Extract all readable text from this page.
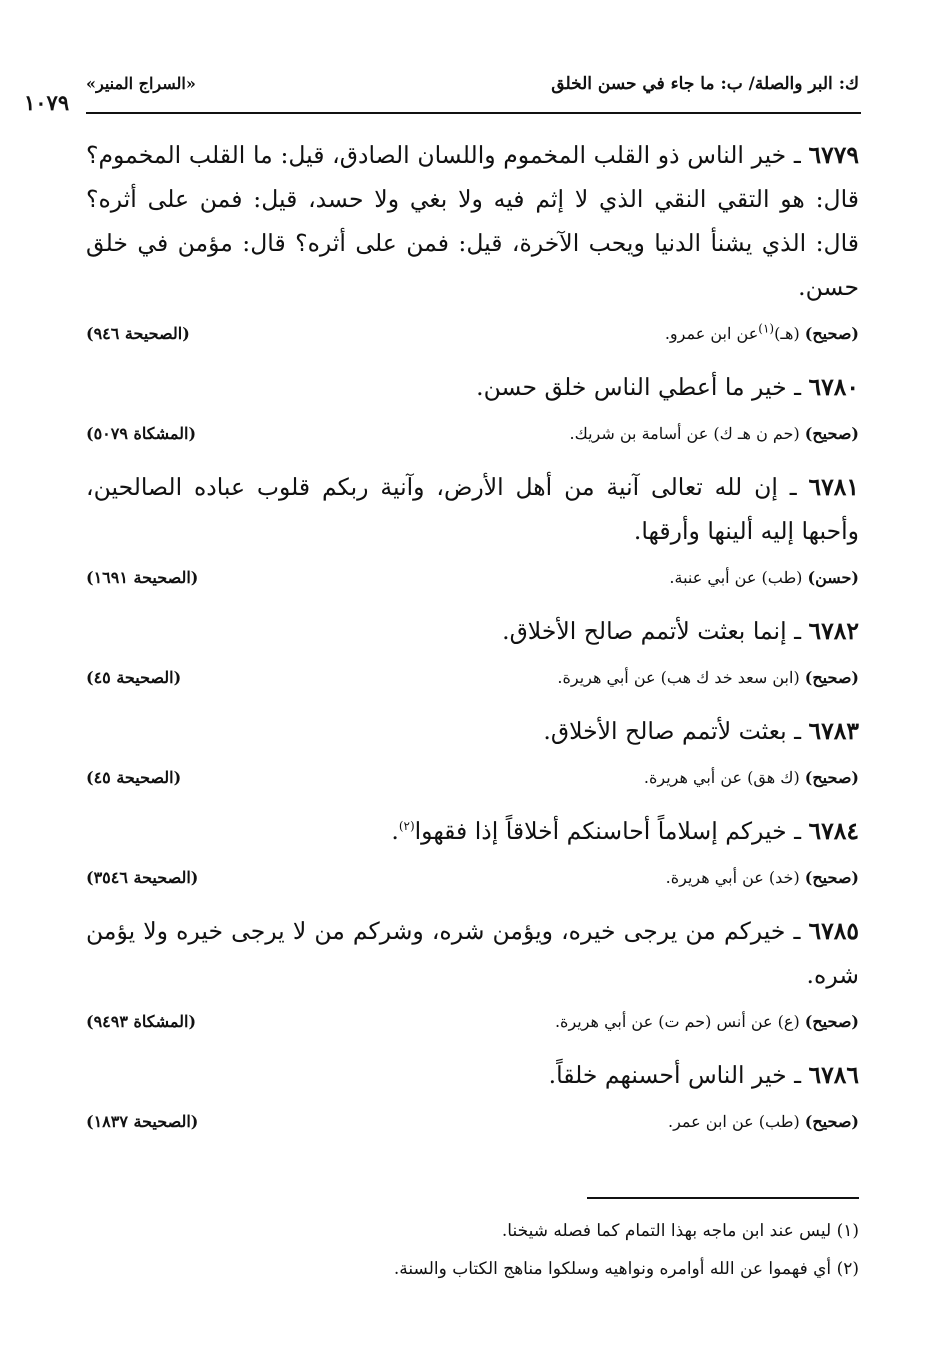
ك: البر والصلة/ ب: ما جاء في حسن الخلق
«السراج المنير»
١٠٧٩
٦٧٧٩ ـ خير الناس ذو القلب المخموم واللسان الصادق، قيل: ما القلب المخموم؟ قال: هو التقي النقي الذي لا إثم فيه ولا بغي ولا حسد، قيل: فمن على أثره؟ قال: الذي يشنأ الدنيا ويحب الآخرة، قيل: فمن على أثره؟ قال: مؤمن في خلق حسن.
(صحيح) (هـ)$^{(١)}$عن ابن عمرو.
(الصحيحة ٩٤٦)
٦٧٨٠ ـ خير ما أعطي الناس خلق حسن.
(صحيح) (حم ن هـ ك) عن أسامة بن شريك.
(المشكاة ٥٠٧٩)
٦٧٨١ ـ إن لله تعالى آنية من أهل الأرض، وآنية ربكم قلوب عباده الصالحين، وأحبها إليه ألينها وأرقها.
(حسن) (طب) عن أبي عنبة.
(الصحيحة ١٦٩١)
٦٧٨٢ ـ إنما بعثت لأتمم صالح الأخلاق.
(صحيح) (ابن سعد خد ك هب) عن أبي هريرة.
(الصحيحة ٤٥)
٦٧٨٣ ـ بعثت لأتمم صالح الأخلاق.
(صحيح) (ك هق) عن أبي هريرة.
(الصحيحة ٤٥)
٦٧٨٤ ـ خيركم إسلاماً أحاسنكم أخلاقاً إذا فقهوا$^{(٢)}$.
(صحيح) (خد) عن أبي هريرة.
(الصحيحة ٣٥٤٦)
٦٧٨٥ ـ خيركم من يرجى خيره، ويؤمن شره، وشركم من لا يرجى خيره ولا يؤمن شره.
(صحيح) (ع) عن أنس (حم ت) عن أبي هريرة.
(المشكاة ٩٤٩٣)
٦٧٨٦ ـ خير الناس أحسنهم خلقاً.
(صحيح) (طب) عن ابن عمر.
(الصحيحة ١٨٣٧)
(١) ليس عند ابن ماجه بهذا التمام كما فصله شيخنا.
(٢) أي فهموا عن الله أوامره ونواهيه وسلكوا مناهج الكتاب والسنة.
